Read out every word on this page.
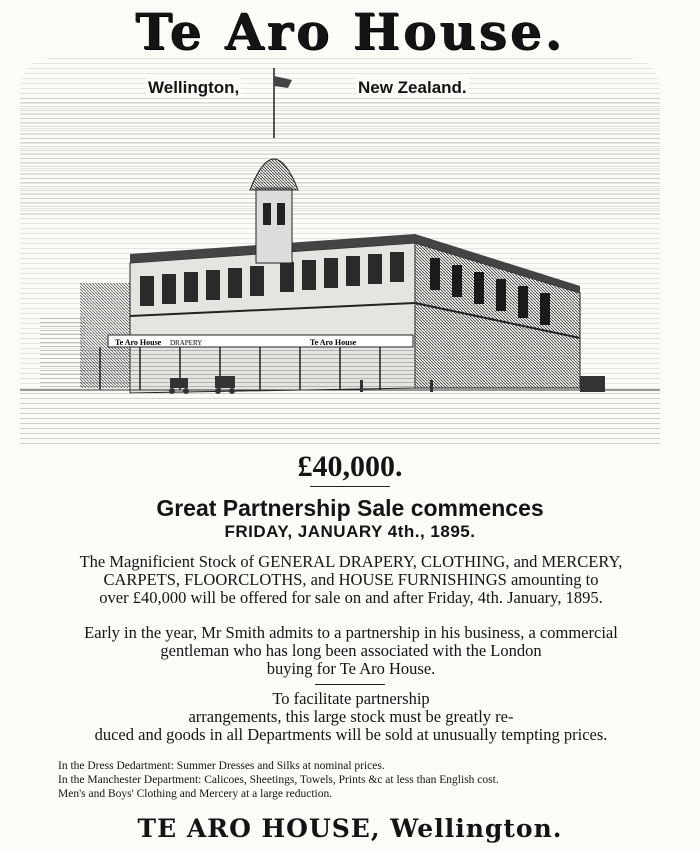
Te Aro House.
Te Aro House DRAPERY	Te Aro House
Wellington,	New Zealand.
£40,000.
Great Partnership Sale commences
FRIDAY, JANUARY 4th., 1895.
The Magnificient Stock of GENERAL DRAPERY, CLOTHING, and MERCERY,
CARPETS, FLOORCLOTHS, and HOUSE FURNISHINGS amounting to
over £40,000 will be offered for sale on and after Friday, 4th. January, 1895.
Early in the year, Mr Smith admits to a partnership in his business, a commercial
gentleman who has long been associated with the London
buying for Te Aro House.
To facilitate partnership
arrangements, this large stock must be greatly re-
duced and goods in all Departments will be sold at unusually tempting prices.
In the Dress Dedartment: Summer Dresses and Silks at nominal prices.
In the Manchester Department: Calicoes, Sheetings, Towels, Prints &c at less than English cost.
Men's and Boys' Clothing and Mercery at a large reduction.
TE ARO HOUSE, Wellington.
